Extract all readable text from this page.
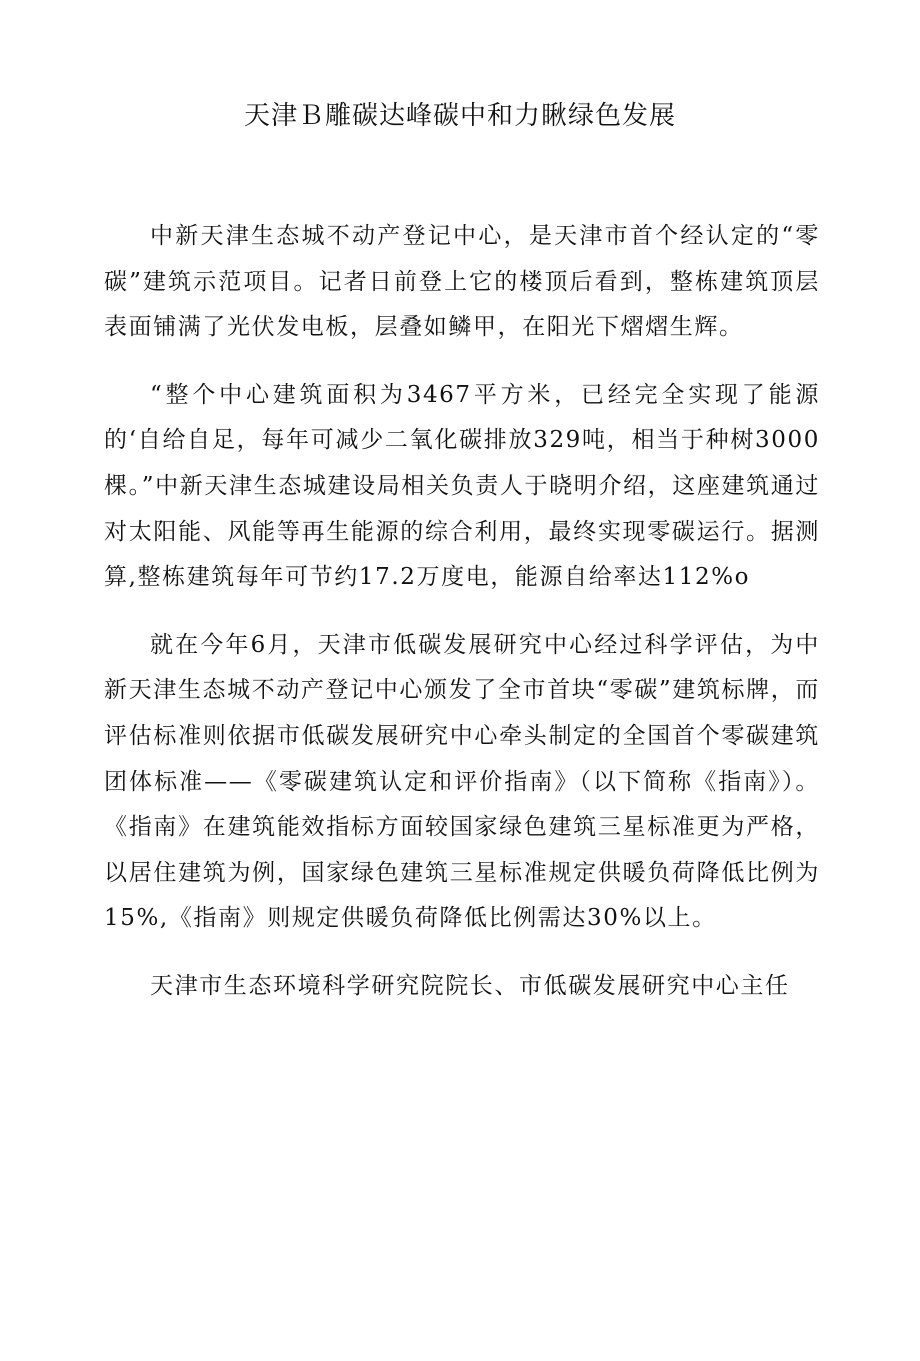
天津Ｂ雕碳达峰碳中和力瞅绿色发展

中新天津生态城不动产登记中心，是天津市首个经认定的“零碳”建筑示范项目。记者日前登上它的楼顶后看到，整栋建筑顶层表面铺满了光伏发电板，层叠如鳞甲，在阳光下熠熠生辉。

“整个中心建筑面积为3467平方米，已经完全实现了能源的‘自给自足，每年可减少二氧化碳排放329吨，相当于种树3000棵。”中新天津生态城建设局相关负责人于晓明介绍，这座建筑通过对太阳能、风能等再生能源的综合利用，最终实现零碳运行。据测算,整栋建筑每年可节约17.2万度电，能源自给率达112%o

就在今年6月，天津市低碳发展研究中心经过科学评估，为中新天津生态城不动产登记中心颁发了全市首块“零碳”建筑标牌，而评估标准则依据市低碳发展研究中心牵头制定的全国首个零碳建筑团体标准——《零碳建筑认定和评价指南》（以下简称《指南》）。《指南》在建筑能效指标方面较国家绿色建筑三星标准更为严格，以居住建筑为例，国家绿色建筑三星标准规定供暖负荷降低比例为15%,《指南》则规定供暖负荷降低比例需达30%以上。

天津市生态环境科学研究院院长、市低碳发展研究中心主任
